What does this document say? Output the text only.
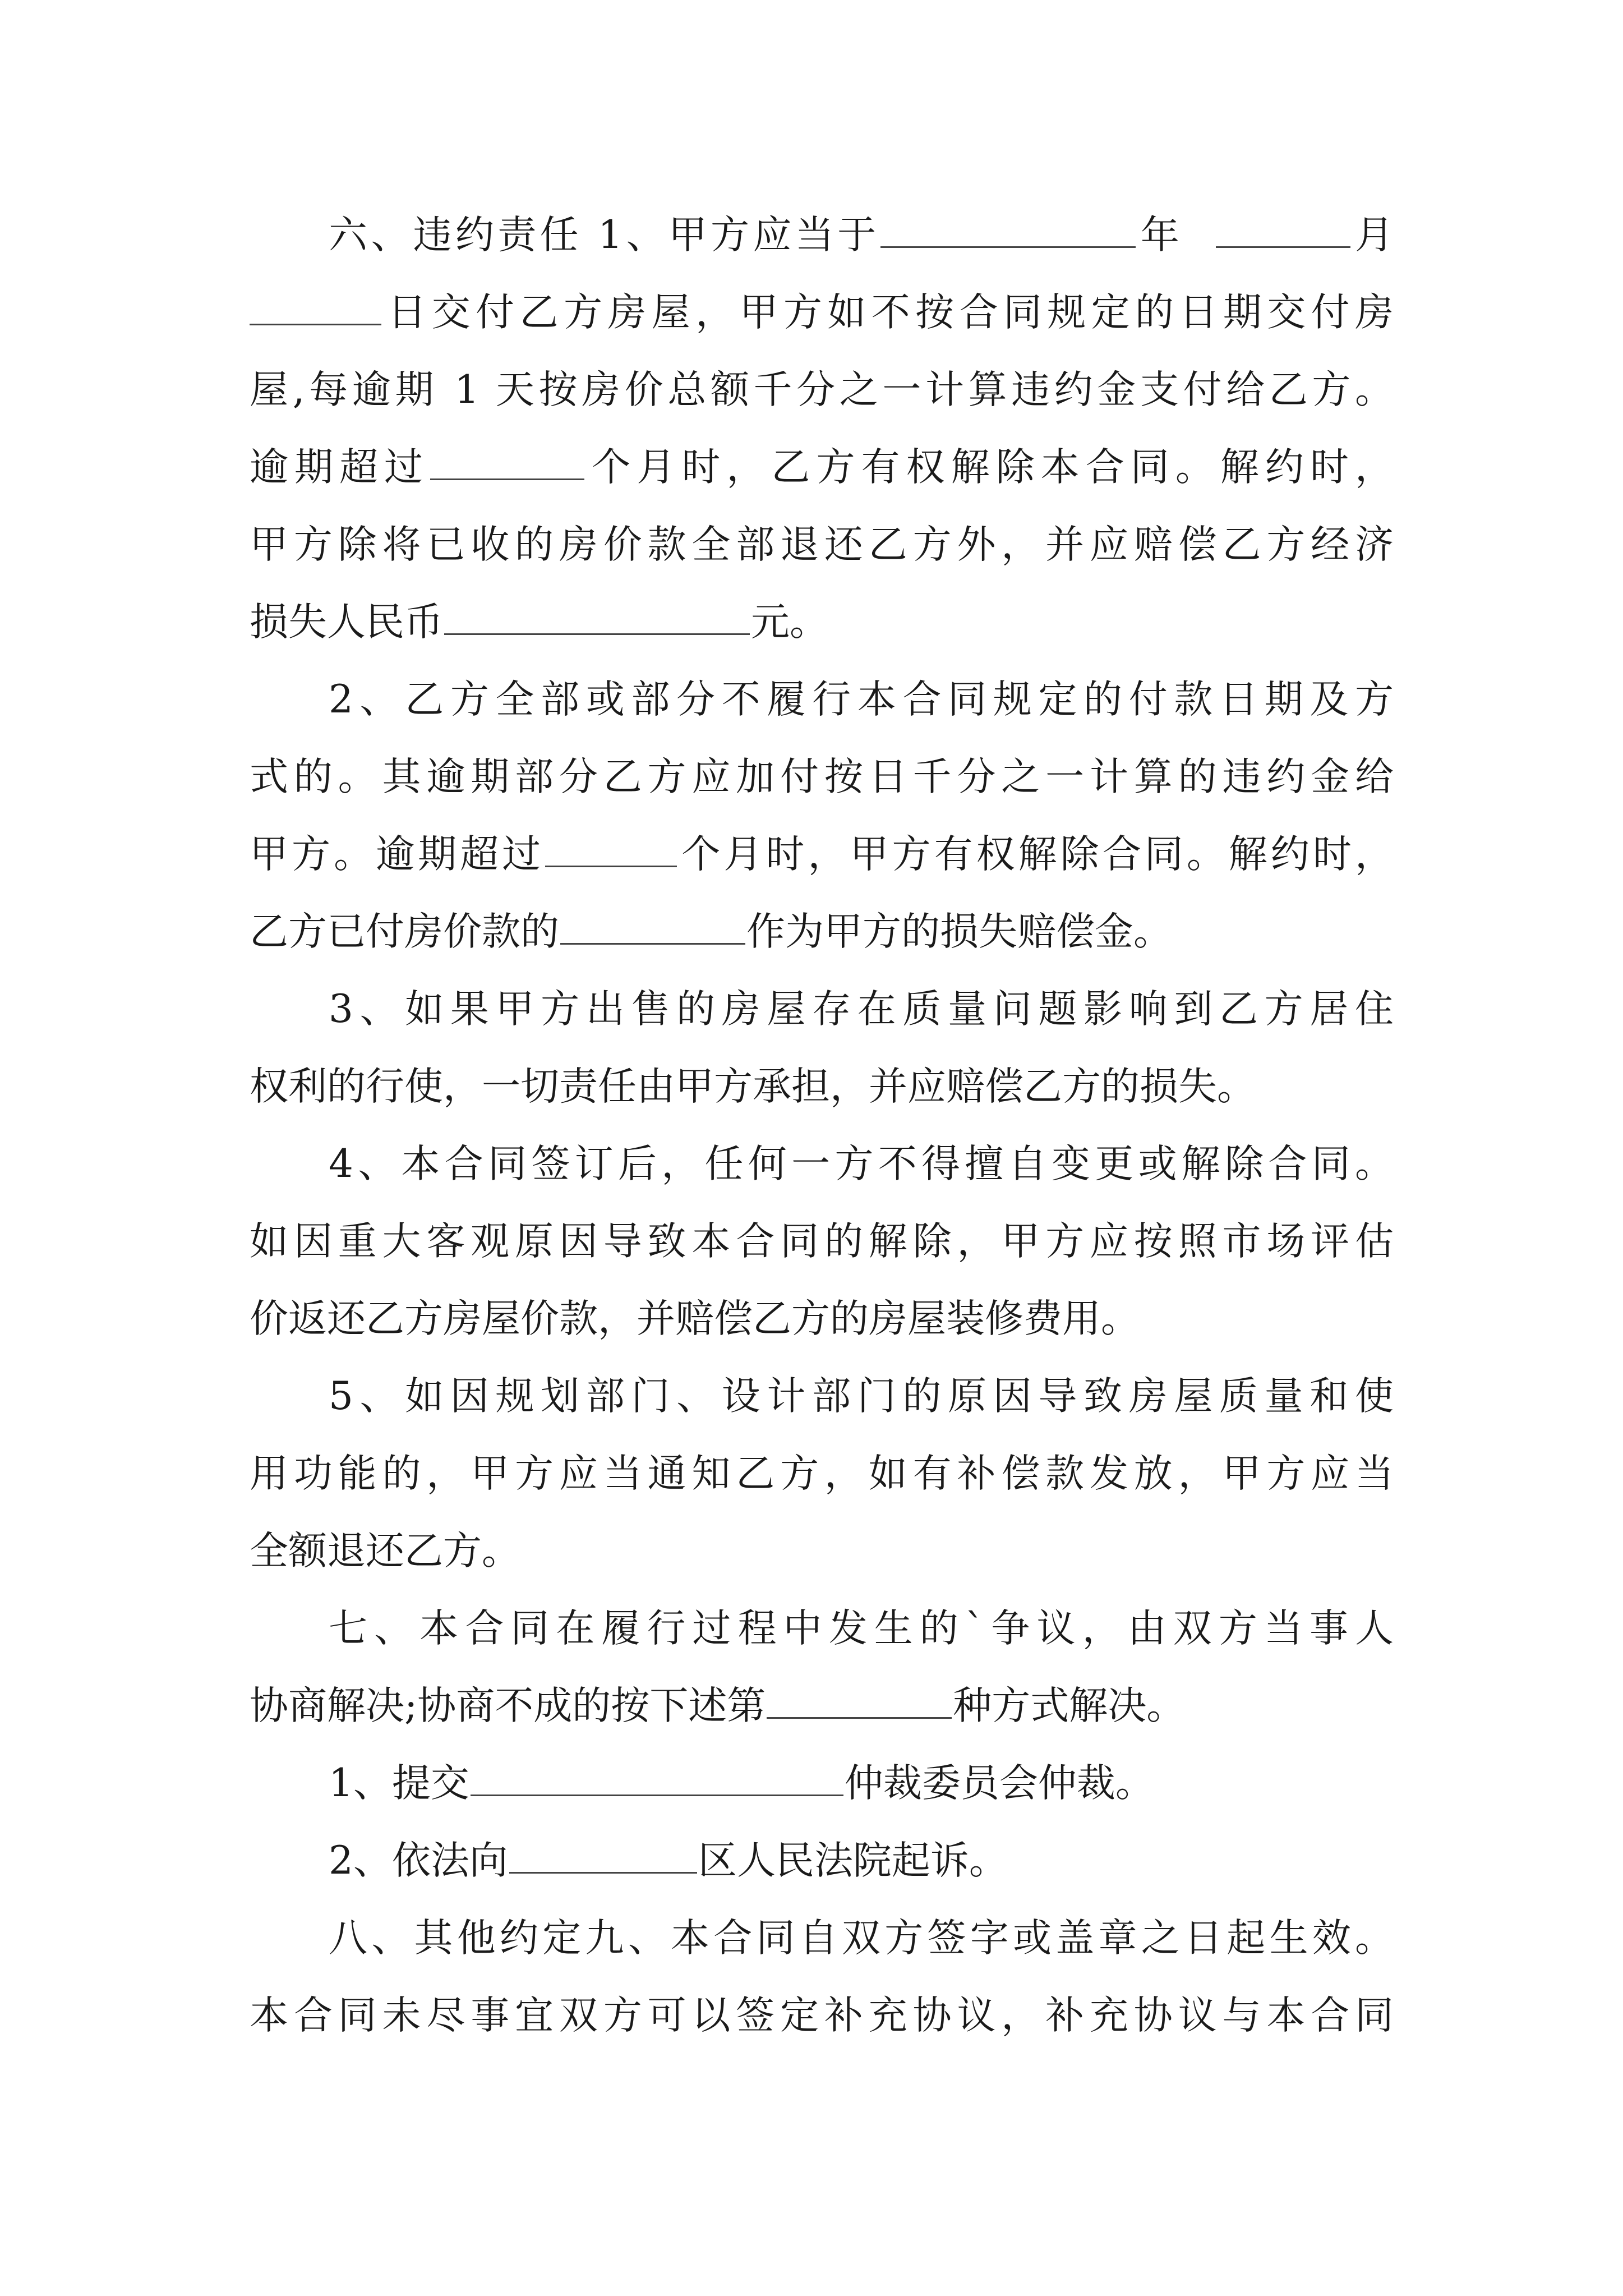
六、违约责任 1、甲方应当于	年	月
日交付乙方房屋，甲方如不按合同规定的日期交付房
屋,每逾期 1 天按房价总额千分之一计算违约金支付给乙方。
逾期超过	个月时，乙方有权解除本合同。解约时，
甲方除将已收的房价款全部退还乙方外，并应赔偿乙方经济
损失人民币	元。
2、乙方全部或部分不履行本合同规定的付款日期及方
式的。其逾期部分乙方应加付按日千分之一计算的违约金给
甲方。逾期超过	个月时，甲方有权解除合同。解约时，
乙方已付房价款的	作为甲方的损失赔偿金。
3、如果甲方出售的房屋存在质量问题影响到乙方居住
权利的行使，一切责任由甲方承担，并应赔偿乙方的损失。
4、本合同签订后，任何一方不得擅自变更或解除合同。
如因重大客观原因导致本合同的解除，甲方应按照市场评估
价返还乙方房屋价款，并赔偿乙方的房屋装修费用。
5、如因规划部门、设计部门的原因导致房屋质量和使
用功能的，甲方应当通知乙方，如有补偿款发放，甲方应当
全额退还乙方。
七、本合同在履行过程中发生的`争议，由双方当事人
协商解决;协商不成的按下述第	种方式解决。
1、提交	仲裁委员会仲裁。
2、依法向	区人民法院起诉。
八、其他约定九、本合同自双方签字或盖章之日起生效。
本合同未尽事宜双方可以签定补充协议，补充协议与本合同
